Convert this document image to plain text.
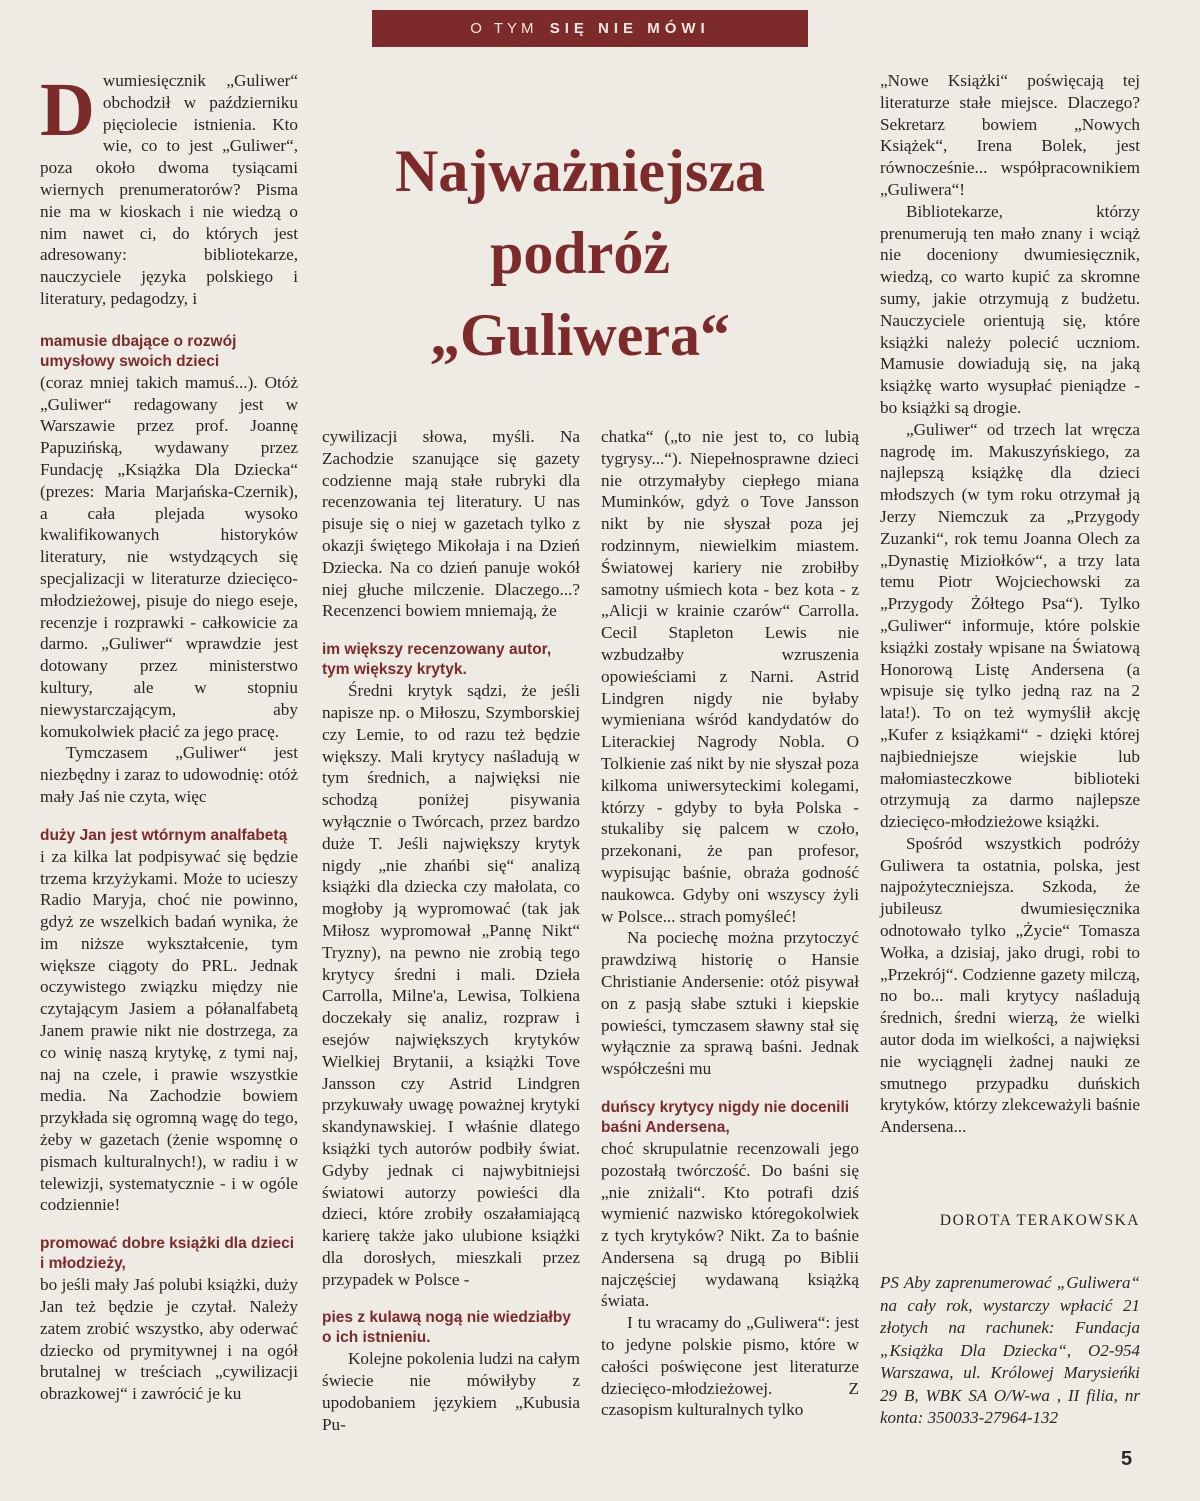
O TYM SIĘ NIE MÓWI
Najważniejsza
podróż
„Guliwera“

Dwumiesięcznik „Guliwer“ obchodził w październiku pięciolecie istnienia. Kto wie, co to jest „Guliwer“, poza około dwoma tysiącami wiernych prenumeratorów? Pisma nie ma w kioskach i nie wiedzą o nim nawet ci, do których jest adresowany: bibliotekarze, nauczyciele języka polskiego i literatury, pedagodzy, i

mamusie dbające o rozwój umysłowy swoich dzieci

(coraz mniej takich mamuś...). Otóż „Guliwer“ redagowany jest w Warszawie przez prof. Joannę Papuzińską, wydawany przez Fundację „Książka Dla Dziecka“ (prezes: Maria Marjańska-Czernik), a cała plejada wysoko kwalifikowanych historyków literatury, nie wstydzących się specjalizacji w literaturze dziecięco-młodzieżowej, pisuje do niego eseje, recenzje i rozprawki - całkowicie za darmo. „Guliwer“ wprawdzie jest dotowany przez ministerstwo kultury, ale w stopniu niewystarczającym, aby komukolwiek płacić za jego pracę.

Tymczasem „Guliwer“ jest niezbędny i zaraz to udowodnię: otóż mały Jaś nie czyta, więc

duży Jan jest wtórnym analfabetą

i za kilka lat podpisywać się będzie trzema krzyżykami. Może to ucieszy Radio Maryja, choć nie powinno, gdyż ze wszelkich badań wynika, że im niższe wykształcenie, tym większe ciągoty do PRL. Jednak oczywistego związku między nie czytającym Jasiem a półanalfabetą Janem prawie nikt nie dostrzega, za co winię naszą krytykę, z tymi naj, naj na czele, i prawie wszystkie media. Na Zachodzie bowiem przykłada się ogromną wagę do tego, żeby w gazetach (żenie wspomnę o pismach kulturalnych!), w radiu i w telewizji, systematycznie - i w ogóle codziennie!

promować dobre książki dla dzieci i młodzieży,

bo jeśli mały Jaś polubi książki, duży Jan też będzie je czytał. Należy zatem zrobić wszystko, aby oderwać dziecko od prymitywnej i na ogół brutalnej w treściach „cywilizacji obrazkowej“ i zawrócić je ku

cywilizacji słowa, myśli. Na Zachodzie szanujące się gazety codzienne mają stałe rubryki dla recenzowania tej literatury. U nas pisuje się o niej w gazetach tylko z okazji świętego Mikołaja i na Dzień Dziecka. Na co dzień panuje wokół niej głuche milczenie. Dlaczego...? Recenzenci bowiem mniemają, że

im większy recenzowany autor, tym większy krytyk.

Średni krytyk sądzi, że jeśli napisze np. o Miłoszu, Szymborskiej czy Lemie, to od razu też będzie większy. Mali krytycy naśladują w tym średnich, a najwięksi nie schodzą poniżej pisywania wyłącznie o Twórcach, przez bardzo duże T. Jeśli największy krytyk nigdy „nie zhańbi się“ analizą książki dla dziecka czy małolata, co mogłoby ją wypromować (tak jak Miłosz wypromował „Pannę Nikt“ Tryzny), na pewno nie zrobią tego krytycy średni i mali. Dzieła Carrolla, Milne'a, Lewisa, Tolkiena doczekały się analiz, rozpraw i esejów największych krytyków Wielkiej Brytanii, a książki Tove Jansson czy Astrid Lindgren przykuwały uwagę poważnej krytyki skandynawskiej. I właśnie dlatego książki tych autorów podbiły świat. Gdyby jednak ci najwybitniejsi światowi autorzy powieści dla dzieci, które zrobiły oszałamiającą karierę także jako ulubione książki dla dorosłych, mieszkali przez przypadek w Polsce -

pies z kulawą nogą nie wiedziałby o ich istnieniu.

Kolejne pokolenia ludzi na całym świecie nie mówiłyby z upodobaniem językiem „Kubusia Pu-

chatka“ („to nie jest to, co lubią tygrysy...“). Niepełnosprawne dzieci nie otrzymałyby ciepłego miana Muminków, gdyż o Tove Jansson nikt by nie słyszał poza jej rodzinnym, niewielkim miastem. Światowej kariery nie zrobiłby samotny uśmiech kota - bez kota - z „Alicji w krainie czarów“ Carrolla. Cecil Stapleton Lewis nie wzbudzałby wzruszenia opowieściami z Narni. Astrid Lindgren nigdy nie byłaby wymieniana wśród kandydatów do Literackiej Nagrody Nobla. O Tolkienie zaś nikt by nie słyszał poza kilkoma uniwersyteckimi kolegami, którzy - gdyby to była Polska - stukaliby się palcem w czoło, przekonani, że pan profesor, wypisując baśnie, obraża godność naukowca. Gdyby oni wszyscy żyli w Polsce... strach pomyśleć!

Na pociechę można przytoczyć prawdziwą historię o Hansie Christianie Andersenie: otóż pisywał on z pasją słabe sztuki i kiepskie powieści, tymczasem sławny stał się wyłącznie za sprawą baśni. Jednak współcześni mu

duńscy krytycy nigdy nie docenili baśni Andersena,

choć skrupulatnie recenzowali jego pozostałą twórczość. Do baśni się „nie zniżali“. Kto potrafi dziś wymienić nazwisko któregokolwiek z tych krytyków? Nikt. Za to baśnie Andersena są drugą po Biblii najczęściej wydawaną książką świata.

I tu wracamy do „Guliwera“: jest to jedyne polskie pismo, które w całości poświęcone jest literaturze dziecięco-młodzieżowej. Z czasopism kulturalnych tylko

„Nowe Książki“ poświęcają tej literaturze stałe miejsce. Dlaczego? Sekretarz bowiem „Nowych Książek“, Irena Bolek, jest równocześnie... współpracownikiem „Guliwera“!

Bibliotekarze, którzy prenumerują ten mało znany i wciąż nie doceniony dwumiesięcznik, wiedzą, co warto kupić za skromne sumy, jakie otrzymują z budżetu. Nauczyciele orientują się, które książki należy polecić uczniom. Mamusie dowiadują się, na jaką książkę warto wysupłać pieniądze - bo książki są drogie.

„Guliwer“ od trzech lat wręcza nagrodę im. Makuszyńskiego, za najlepszą książkę dla dzieci młodszych (w tym roku otrzymał ją Jerzy Niemczuk za „Przygody Zuzanki“, rok temu Joanna Olech za „Dynastię Miziołków“, a trzy lata temu Piotr Wojciechowski za „Przygody Żółtego Psa“). Tylko „Guliwer“ informuje, które polskie książki zostały wpisane na Światową Honorową Listę Andersena (a wpisuje się tylko jedną raz na 2 lata!). To on też wymyślił akcję „Kufer z książkami“ - dzięki której najbiedniejsze wiejskie lub małomiasteczkowe biblioteki otrzymują za darmo najlepsze dziecięco-młodzieżowe książki.

Spośród wszystkich podróży Guliwera ta ostatnia, polska, jest najpożyteczniejsza. Szkoda, że jubileusz dwumiesięcznika odnotowało tylko „Życie“ Tomasza Wołka, a dzisiaj, jako drugi, robi to „Przekrój“. Codzienne gazety milczą, no bo... mali krytycy naśladują średnich, średni wierzą, że wielki autor doda im wielkości, a najwięksi nie wyciągnęli żadnej nauki ze smutnego przypadku duńskich krytyków, którzy zlekceważyli baśnie Andersena...

DOROTA TERAKOWSKA
PS Aby zaprenumerować „Guliwera“ na cały rok, wystarczy wpłacić 21 złotych na rachunek: Fundacja „Książka Dla Dziecka“, O2-954 Warszawa, ul. Królowej Marysieńki 29 B, WBK SA O/W-wa , II filia, nr konta: 350033-27964-132
5
